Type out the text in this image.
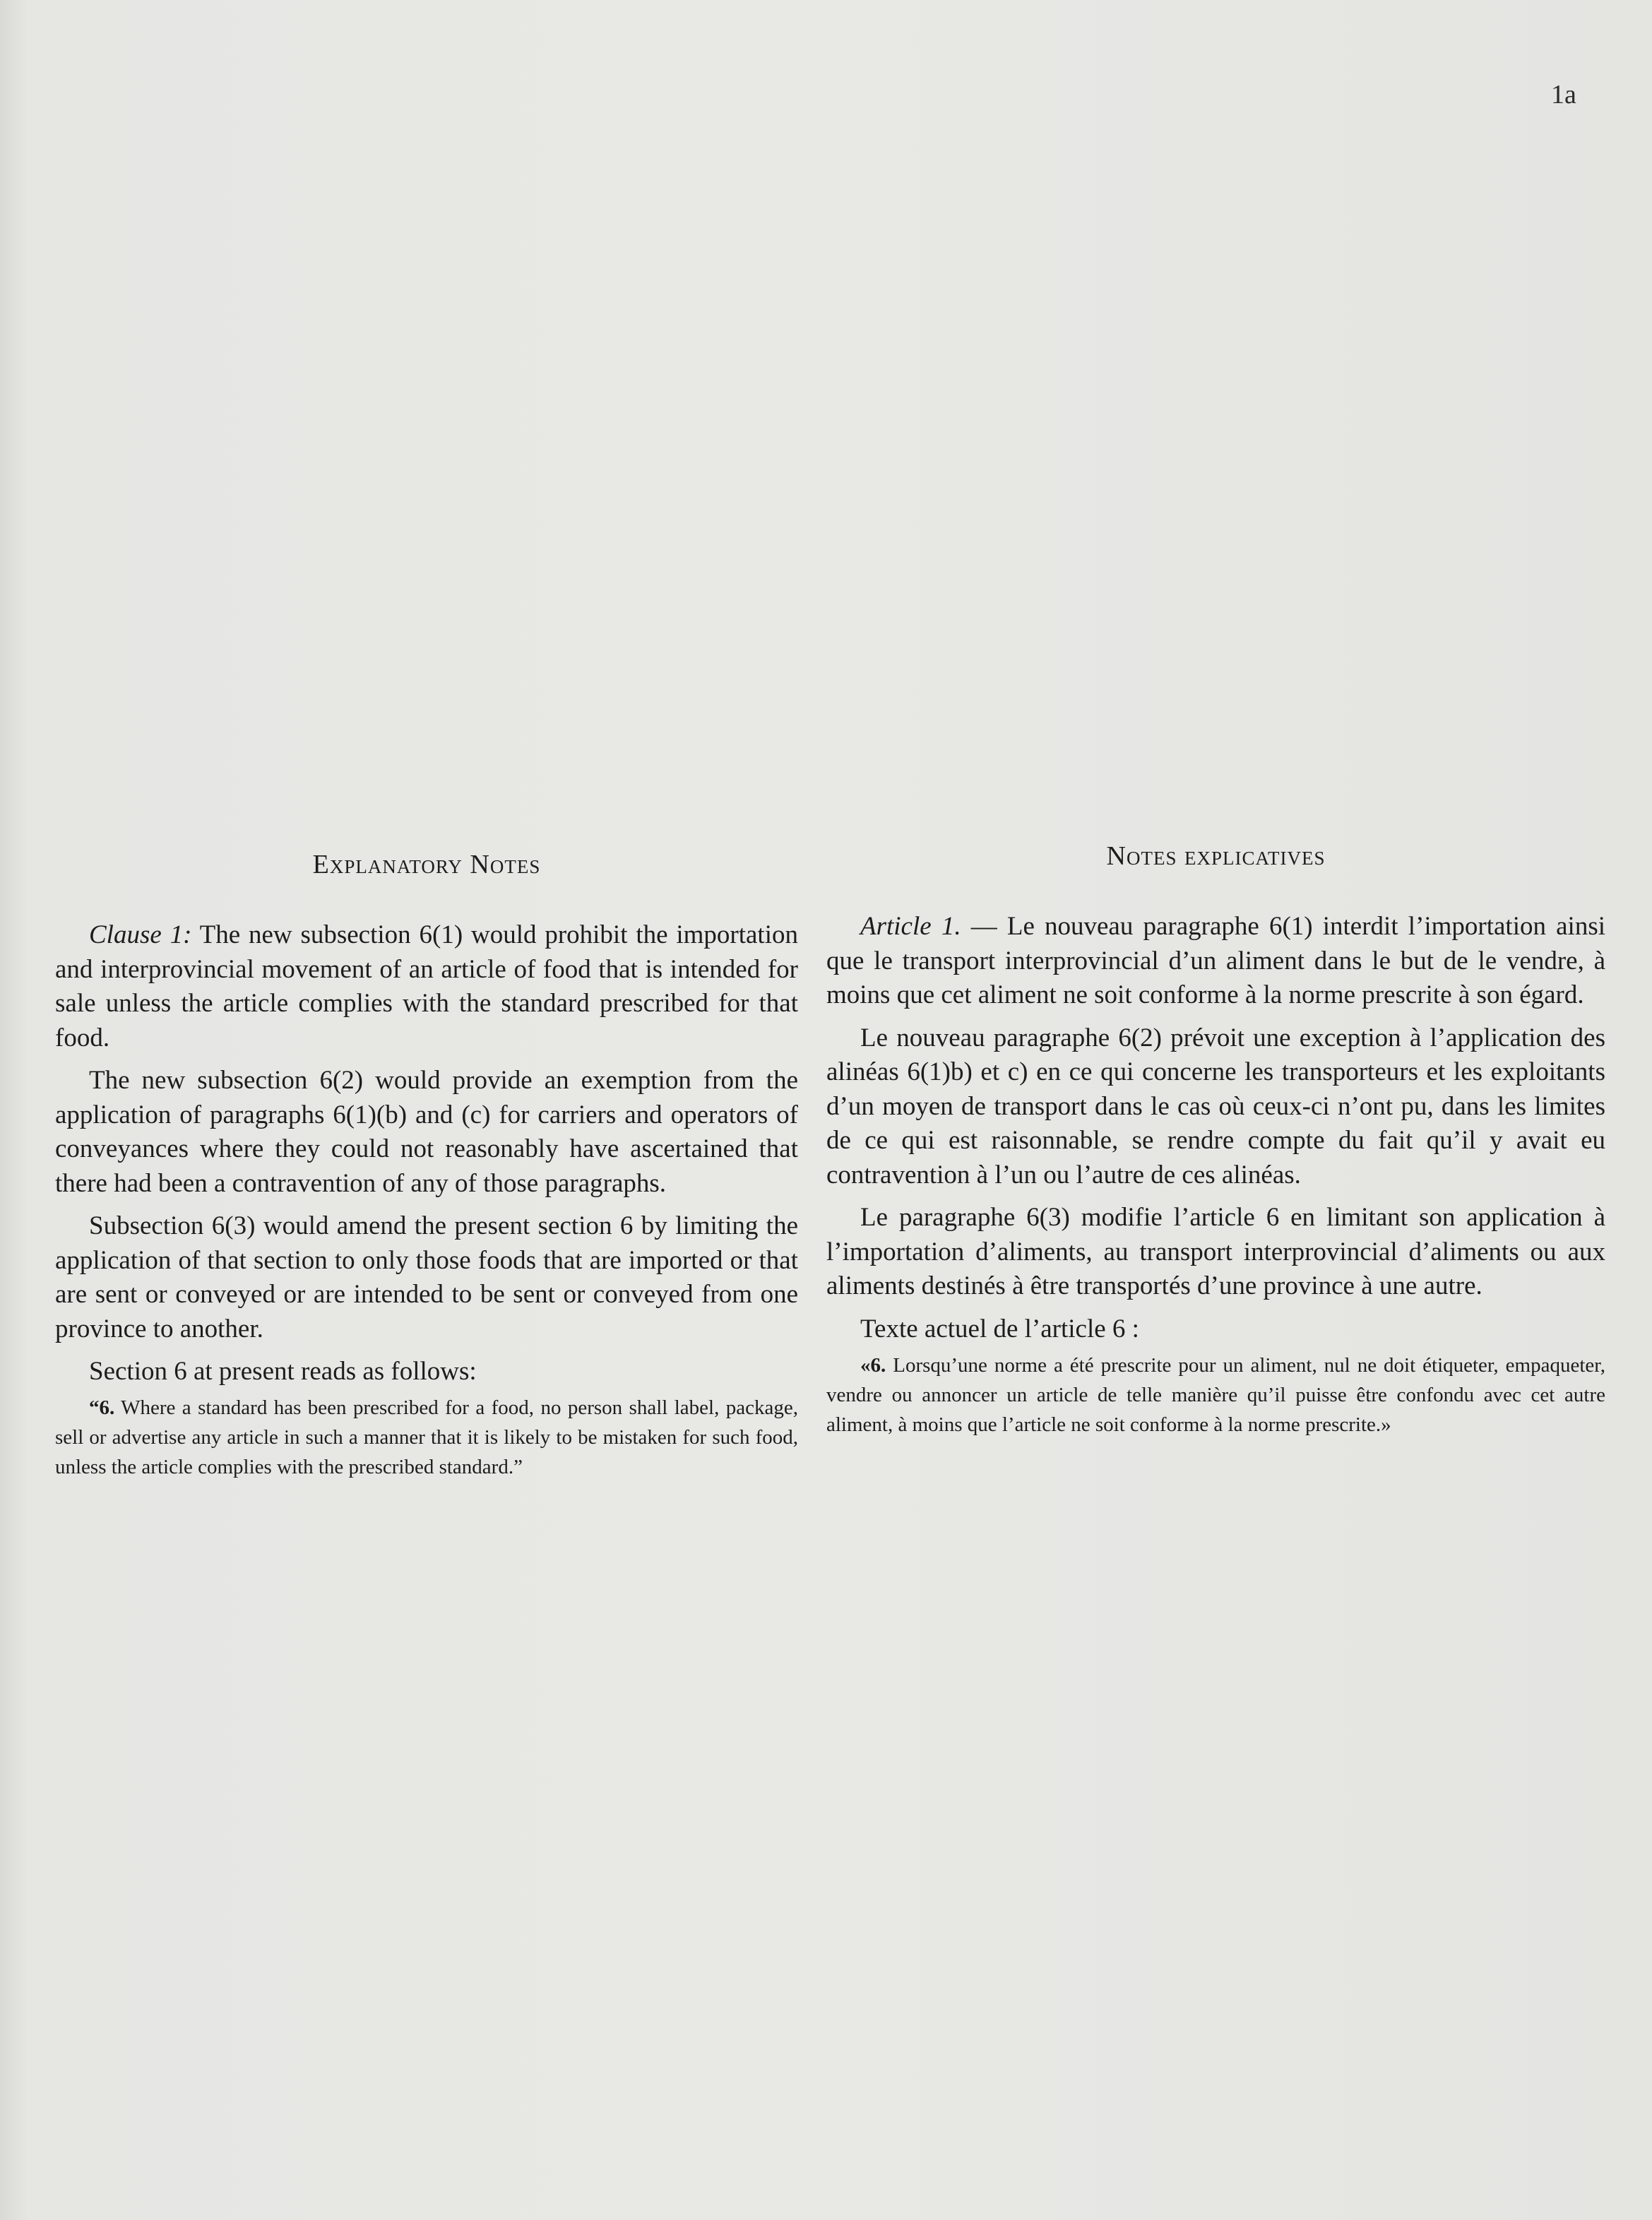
1a
Explanatory Notes

Clause 1: The new subsection 6(1) would prohibit the importation and interprovincial movement of an article of food that is intended for sale unless the article complies with the standard prescribed for that food.

The new subsection 6(2) would provide an exemption from the application of paragraphs 6(1)(b) and (c) for carriers and operators of conveyances where they could not reasonably have ascertained that there had been a contravention of any of those paragraphs.

Subsection 6(3) would amend the present section 6 by limiting the application of that section to only those foods that are imported or that are sent or conveyed or are intended to be sent or conveyed from one province to another.

Section 6 at present reads as follows:

“6. Where a standard has been prescribed for a food, no person shall label, package, sell or advertise any article in such a manner that it is likely to be mistaken for such food, unless the article complies with the prescribed standard.”

Notes explicatives

Article 1. — Le nouveau paragraphe 6(1) interdit l’importation ainsi que le transport interprovincial d’un aliment dans le but de le vendre, à moins que cet aliment ne soit conforme à la norme prescrite à son égard.

Le nouveau paragraphe 6(2) prévoit une exception à l’application des alinéas 6(1)b) et c) en ce qui concerne les transporteurs et les exploitants d’un moyen de transport dans le cas où ceux-ci n’ont pu, dans les limites de ce qui est raisonnable, se rendre compte du fait qu’il y avait eu contravention à l’un ou l’autre de ces alinéas.

Le paragraphe 6(3) modifie l’article 6 en limitant son application à l’importation d’aliments, au transport interprovincial d’aliments ou aux aliments destinés à être transportés d’une province à une autre.

Texte actuel de l’article 6 :

«6. Lorsqu’une norme a été prescrite pour un aliment, nul ne doit étiqueter, empaqueter, vendre ou annoncer un article de telle manière qu’il puisse être confondu avec cet autre aliment, à moins que l’article ne soit conforme à la norme prescrite.»
